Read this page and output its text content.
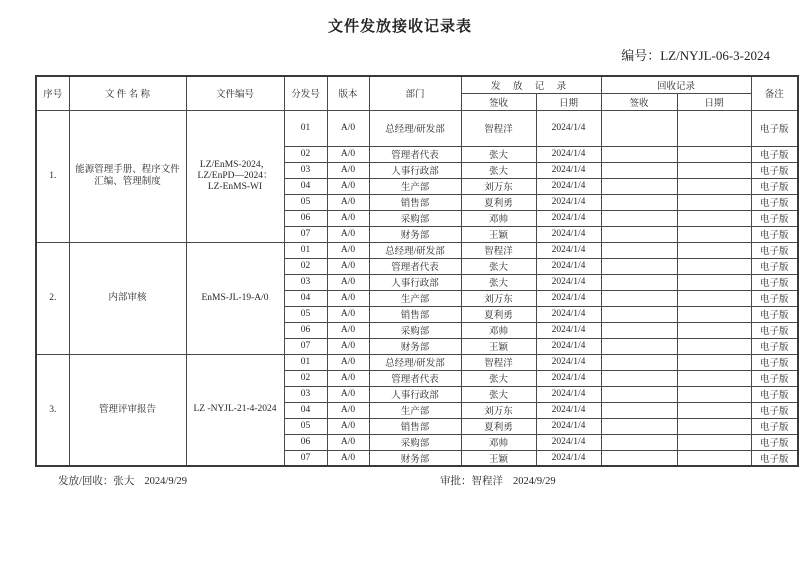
文件发放接收记录表
编号：LZ/NYJL-06-3-2024
序号	文 件 名 称	文件编号	分发号	版本	部门	发 放 记 录		回收记录		备注
						签收	日期	签收	日期	
1.	能源管理手册、程序文件汇编、管理制度	LZ/EnMS-2024，
LZ/EnPD—2024：
LZ-EnMS-WI	01	A/0	总经理/研发部	智程洋	2024/1/4			电子版
			02	A/0	管理者代表	张大	2024/1/4			电子版
			03	A/0	人事行政部	张大	2024/1/4			电子版
			04	A/0	生产部	刘万东	2024/1/4			电子版
			05	A/0	销售部	夏利勇	2024/1/4			电子版
			06	A/0	采购部	邓帅	2024/1/4			电子版
			07	A/0	财务部	王颖	2024/1/4			电子版
2.	内部审核	EnMS-JL-19-A/0	01	A/0	总经理/研发部	智程洋	2024/1/4			电子版
			02	A/0	管理者代表	张大	2024/1/4			电子版
			03	A/0	人事行政部	张大	2024/1/4			电子版
			04	A/0	生产部	刘万东	2024/1/4			电子版
			05	A/0	销售部	夏利勇	2024/1/4			电子版
			06	A/0	采购部	邓帅	2024/1/4			电子版
			07	A/0	财务部	王颖	2024/1/4			电子版
3.	管理评审报告	LZ -NYJL-21-4-2024	01	A/0	总经理/研发部	智程洋	2024/1/4			电子版
			02	A/0	管理者代表	张大	2024/1/4			电子版
			03	A/0	人事行政部	张大	2024/1/4			电子版
			04	A/0	生产部	刘万东	2024/1/4			电子版
			05	A/0	销售部	夏利勇	2024/1/4			电子版
			06	A/0	采购部	邓帅	2024/1/4			电子版
			07	A/0	财务部	王颖	2024/1/4			电子版
发放/回收：张大 2024/9/29	审批：智程洋 2024/9/29
